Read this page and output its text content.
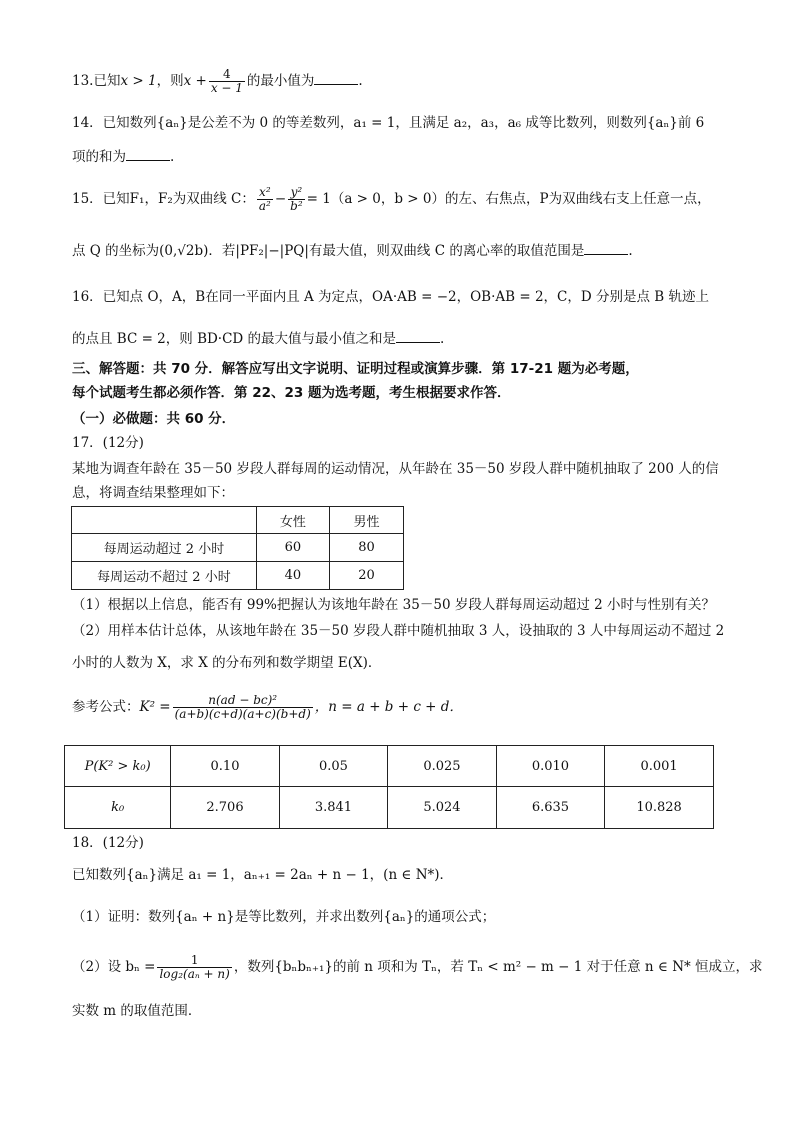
13.已知x > 1，则$x + \frac{4}{x - 1}$ 的最小值为	.
14．已知数列{aₙ}是公差不为 0 的等差数列，a₁ = 1，且满足 a₂，a₃，a₆ 成等比数列，则数列{aₙ}前 6
项的和为	.
15．已知F₁，F₂为双曲线 C： $\frac{\text{x²}}{\text{a²}} - \frac{\text{y²}}{\text{b²}} = 1(a > 0$，b > 0）的左、右焦点，P为双曲线右支上任意一点，
点 Q 的坐标为(0,√2b)．若|PF₂|−|PQ|有最大值，则双曲线 C 的离心率的取值范围是	.
16．已知点 O，A，B在同一平面内且 A 为定点，OA·AB = −2，OB·AB = 2，C，D 分别是点 B 轨迹上
的点且 BC = 2，则 BD·CD 的最大值与最小值之和是	.
三、解答题：共 70 分．解答应写出文字说明、证明过程或演算步骤．第 17-21 题为必考题，
每个试题考生都必须作答．第 22、23 题为选考题，考生根据要求作答．
（一）必做题：共 60 分．
17．(12分)
某地为调查年龄在 35－50 岁段人群每周的运动情况，从年龄在 35－50 岁段人群中随机抽取了 200 人的信
息，将调查结果整理如下：
	女性	男性
每周运动超过 2 小时	60	80
每周运动不超过 2 小时	40	20
（1）根据以上信息，能否有 99%把握认为该地年龄在 35－50 岁段人群每周运动超过 2 小时与性别有关？
（2）用样本估计总体，从该地年龄在 35－50 岁段人群中随机抽取 3 人，设抽取的 3 人中每周运动不超过 2
小时的人数为 X，求 X 的分布列和数学期望 E(X)．
参考公式：$K^2 = \frac{\text{n(ad − bc)²}}{(a+b)(c+d)(a+c)(b+d)}$ ，n = a + b + c + d．
P(K² > k₀)	0.10	0.05	0.025	0.010	0.001
k₀	2.706	3.841	5.024	6.635	10.828
18．(12分)
已知数列{aₙ}满足 a₁ = 1，aₙ₊₁ = 2aₙ + n − 1，(n ∈ N*)．
（1）证明：数列{aₙ + n}是等比数列，并求出数列{aₙ}的通项公式；
（2）设 $b_n = \frac{1}{\text{log₂(aₙ + n)}}$ ，数列{bₙbₙ₊₁}的前 n 项和为 Tₙ，若 Tₙ < m² − m − 1 对于任意 n ∈ N* 恒成立，求
实数 m 的取值范围．
